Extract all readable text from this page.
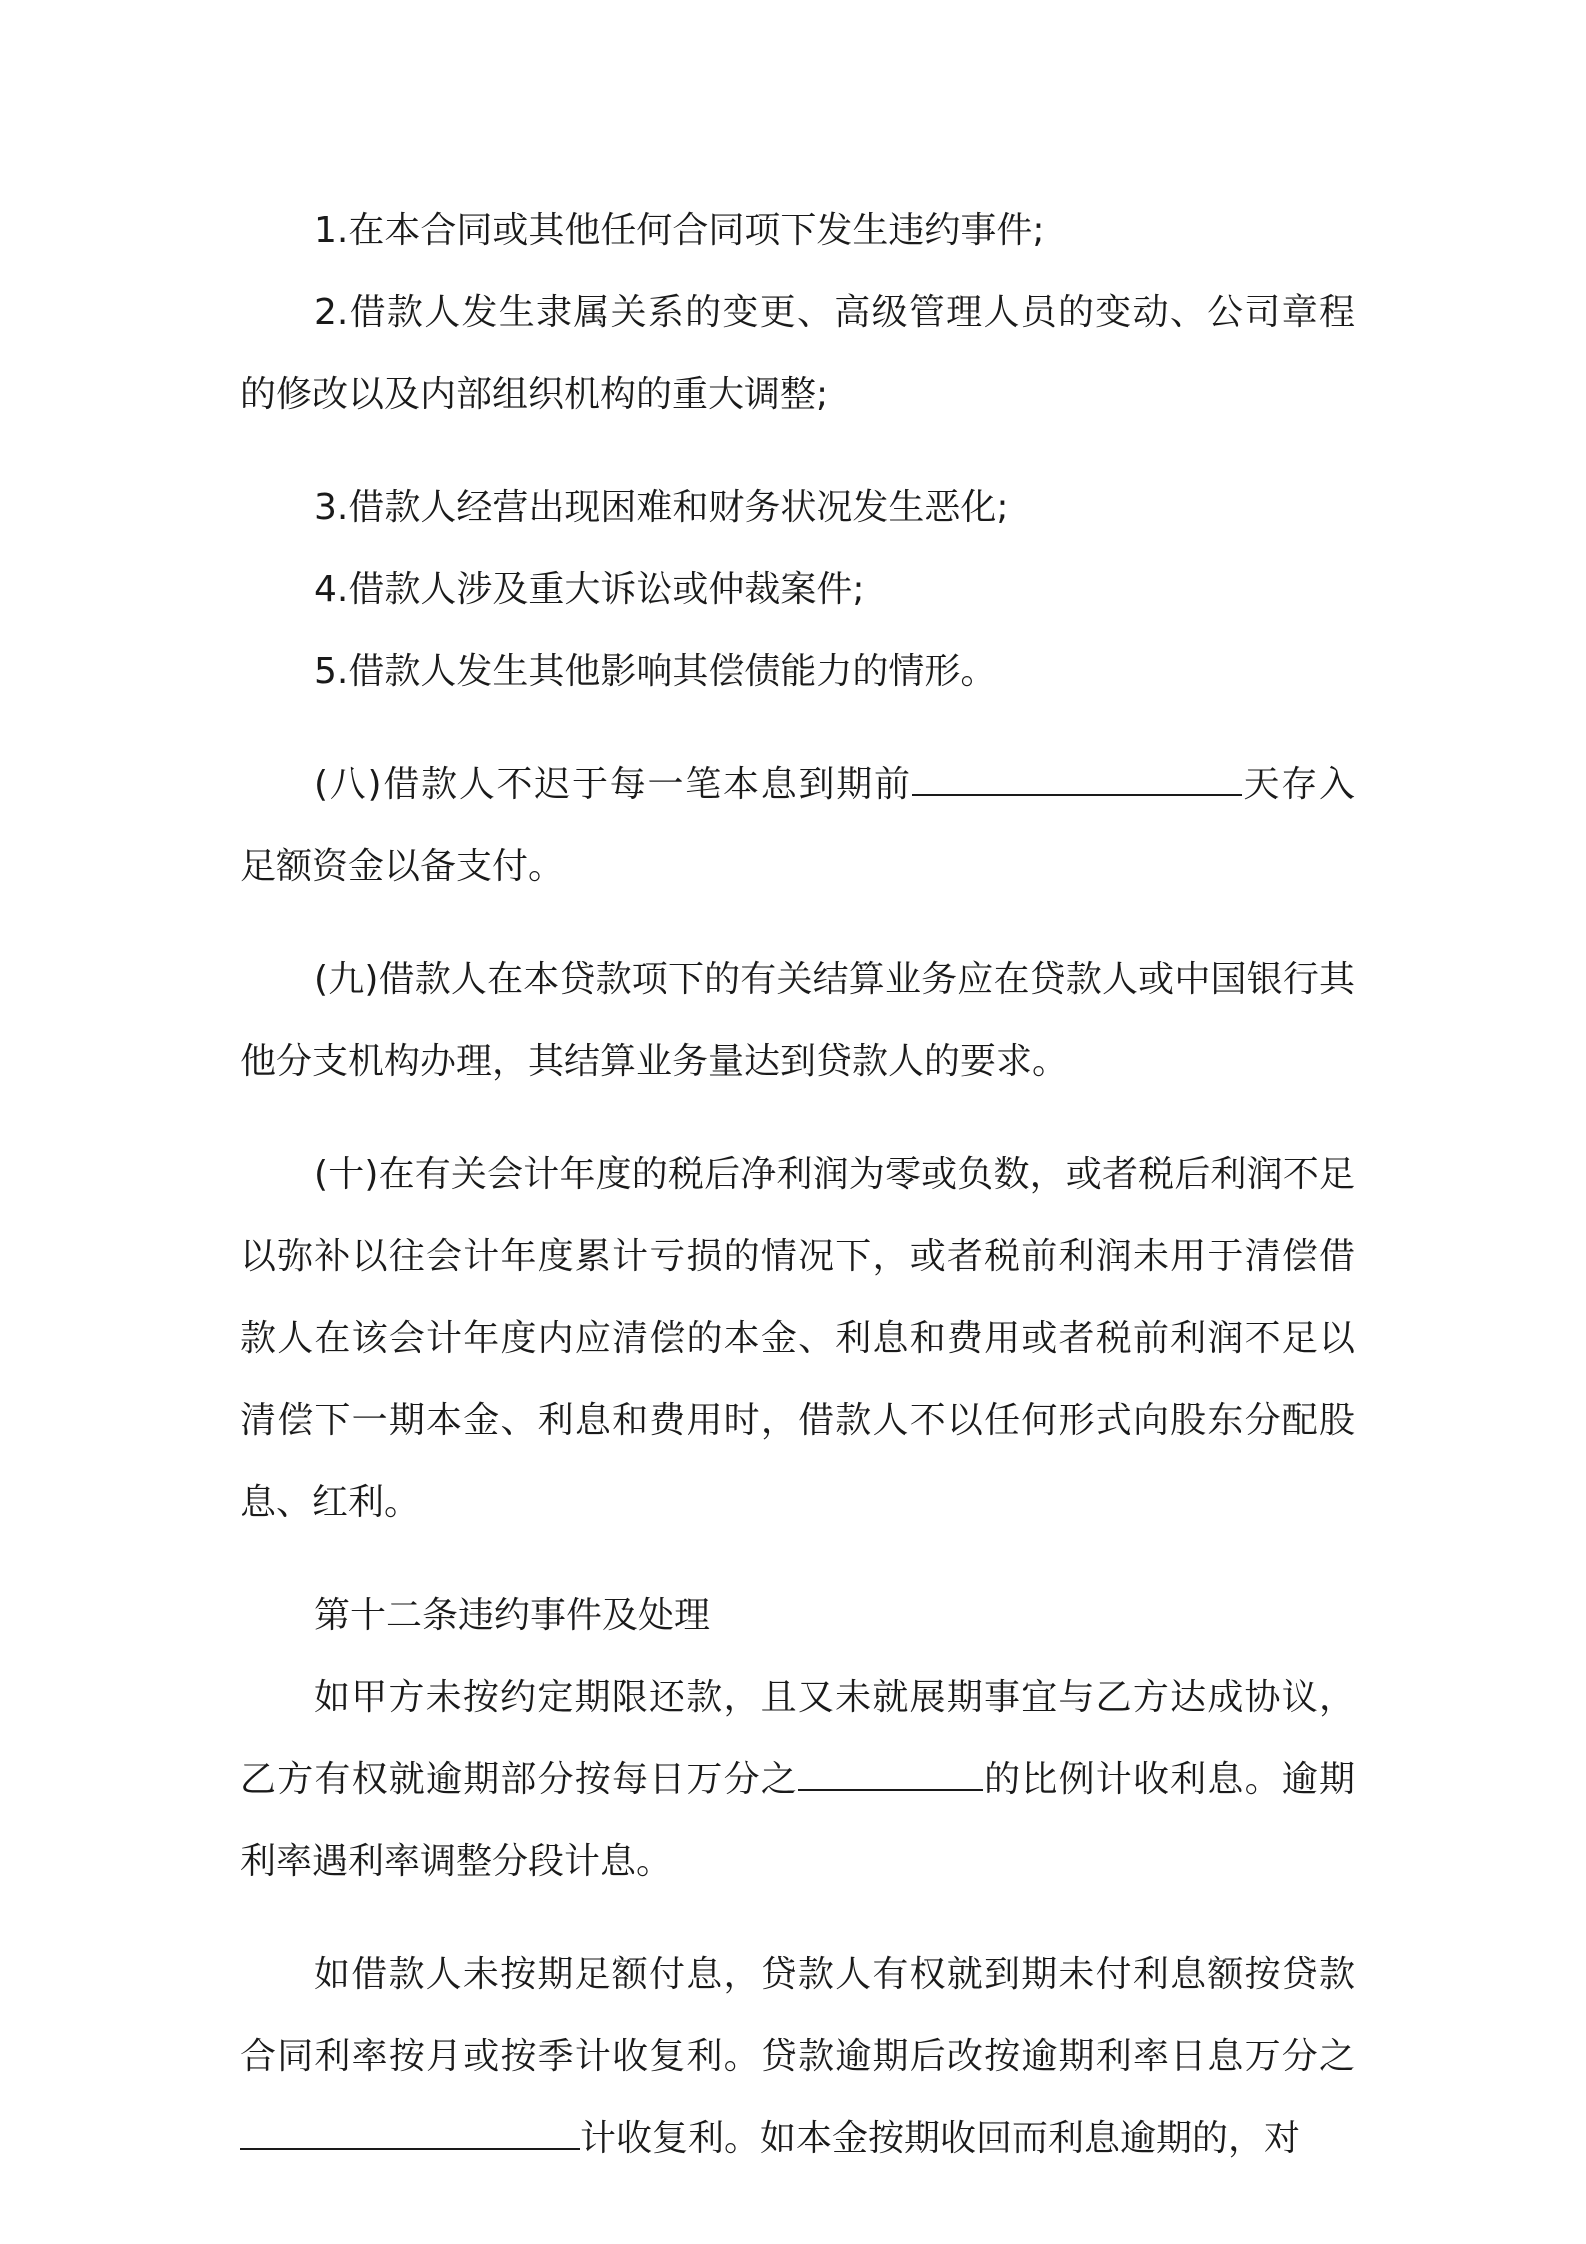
1.在本合同或其他任何合同项下发生违约事件;

2.借款人发生隶属关系的变更、高级管理人员的变动、公司章程的修改以及内部组织机构的重大调整;

3.借款人经营出现困难和财务状况发生恶化;

4.借款人涉及重大诉讼或仲裁案件;

5.借款人发生其他影响其偿债能力的情形。

(八)借款人不迟于每一笔本息到期前	天存入足额资金以备支付。

(九)借款人在本贷款项下的有关结算业务应在贷款人或中国银行其他分支机构办理，其结算业务量达到贷款人的要求。

(十)在有关会计年度的税后净利润为零或负数，或者税后利润不足以弥补以往会计年度累计亏损的情况下，或者税前利润未用于清偿借款人在该会计年度内应清偿的本金、利息和费用或者税前利润不足以清偿下一期本金、利息和费用时，借款人不以任何形式向股东分配股息、红利。

第十二条违约事件及处理

如甲方未按约定期限还款，且又未就展期事宜与乙方达成协议，乙方有权就逾期部分按每日万分之	的比例计收利息。逾期利率遇利率调整分段计息。

如借款人未按期足额付息，贷款人有权就到期未付利息额按贷款合同利率按月或按季计收复利。贷款逾期后改按逾期利率日息万分之计收复利。如本金按期收回而利息逾期的，对
